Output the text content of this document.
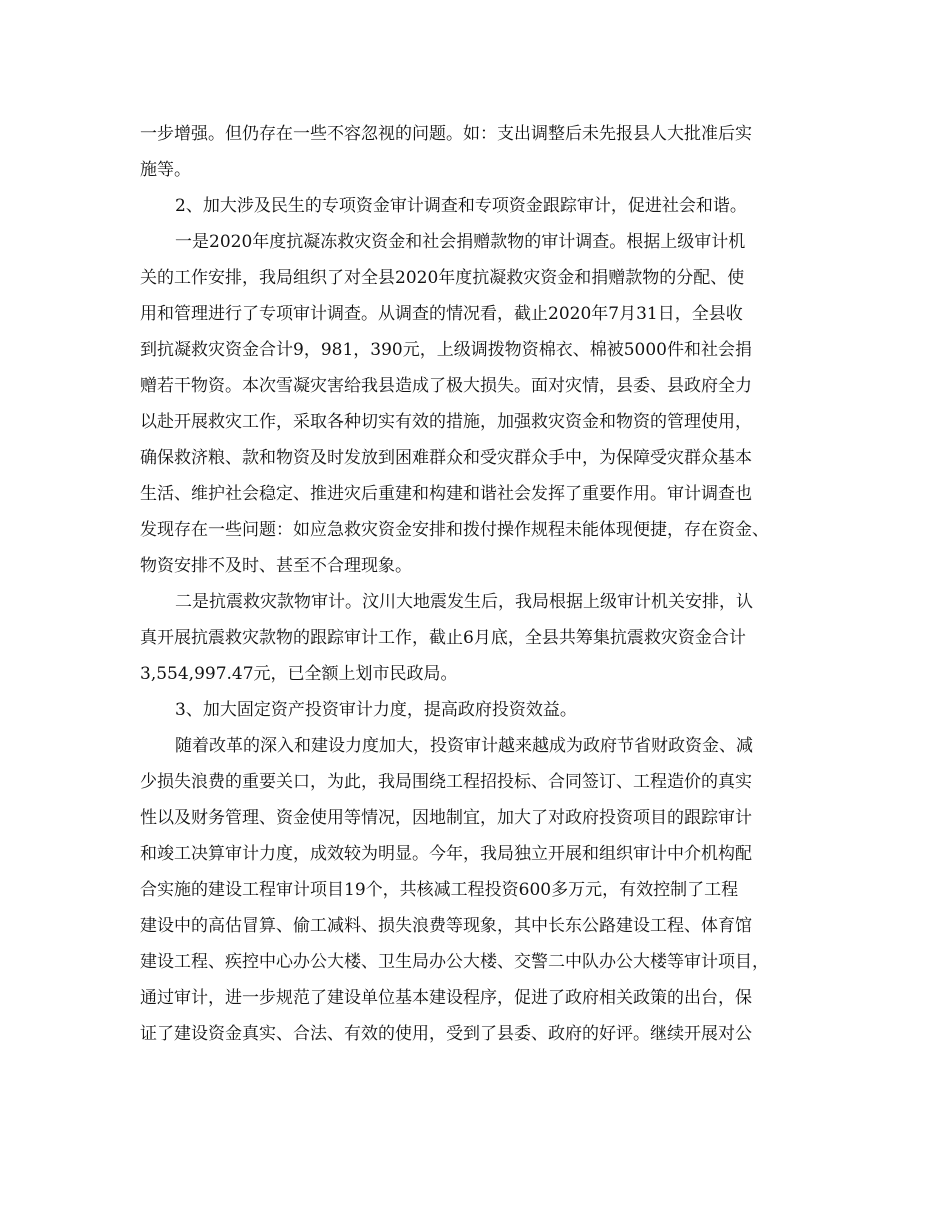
一步增强。但仍存在一些不容忽视的问题。如：支出调整后未先报县人大批准后实

施等。

2、加大涉及民生的专项资金审计调查和专项资金跟踪审计，促进社会和谐。

一是2020年度抗凝冻救灾资金和社会捐赠款物的审计调查。根据上级审计机

关的工作安排，我局组织了对全县2020年度抗凝救灾资金和捐赠款物的分配、使

用和管理进行了专项审计调查。从调查的情况看，截止2020年7月31日，全县收

到抗凝救灾资金合计9，981，390元，上级调拨物资棉衣、棉被5000件和社会捐

赠若干物资。本次雪凝灾害给我县造成了极大损失。面对灾情，县委、县政府全力

以赴开展救灾工作，采取各种切实有效的措施，加强救灾资金和物资的管理使用，

确保救济粮、款和物资及时发放到困难群众和受灾群众手中，为保障受灾群众基本

生活、维护社会稳定、推进灾后重建和构建和谐社会发挥了重要作用。审计调查也

发现存在一些问题：如应急救灾资金安排和拨付操作规程未能体现便捷，存在资金、

物资安排不及时、甚至不合理现象。

二是抗震救灾款物审计。汶川大地震发生后，我局根据上级审计机关安排，认

真开展抗震救灾款物的跟踪审计工作，截止6月底，全县共筹集抗震救灾资金合计

3,554,997.47元，已全额上划市民政局。

3、加大固定资产投资审计力度，提高政府投资效益。

随着改革的深入和建设力度加大，投资审计越来越成为政府节省财政资金、减

少损失浪费的重要关口，为此，我局围绕工程招投标、合同签订、工程造价的真实

性以及财务管理、资金使用等情况，因地制宜，加大了对政府投资项目的跟踪审计

和竣工决算审计力度，成效较为明显。今年，我局独立开展和组织审计中介机构配

合实施的建设工程审计项目19个，共核减工程投资600多万元，有效控制了工程

建设中的高估冒算、偷工减料、损失浪费等现象，其中长东公路建设工程、体育馆

建设工程、疾控中心办公大楼、卫生局办公大楼、交警二中队办公大楼等审计项目，

通过审计，进一步规范了建设单位基本建设程序，促进了政府相关政策的出台，保

证了建设资金真实、合法、有效的使用，受到了县委、政府的好评。继续开展对公
